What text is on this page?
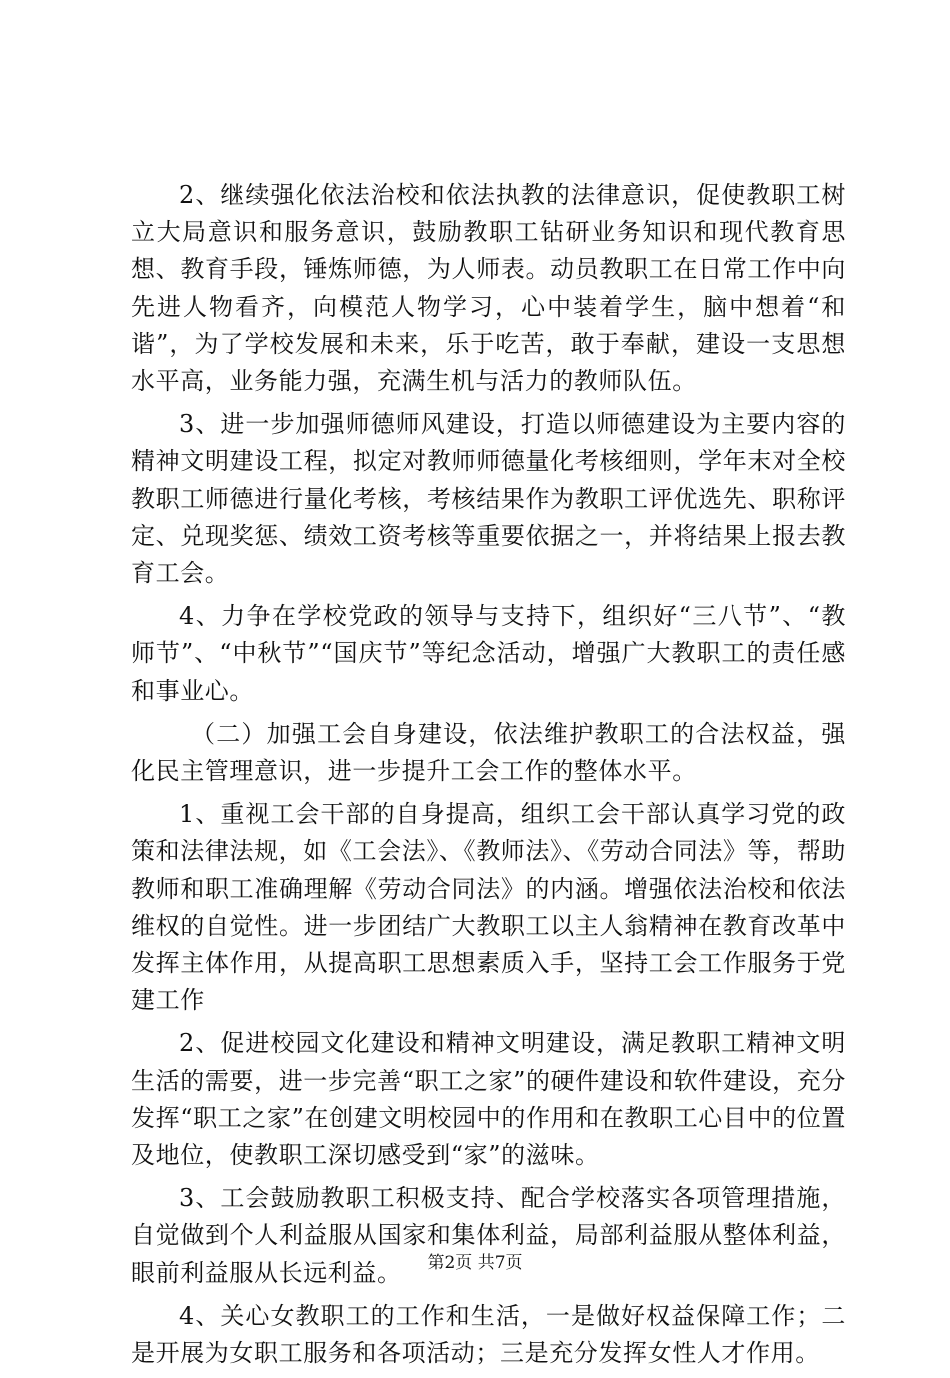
2、继续强化依法治校和依法执教的法律意识，促使教职工树立大局意识和服务意识，鼓励教职工钻研业务知识和现代教育思想、教育手段，锤炼师德，为人师表。动员教职工在日常工作中向先进人物看齐，向模范人物学习，心中装着学生，脑中想着“和谐”，为了学校发展和未来，乐于吃苦，敢于奉献，建设一支思想水平高，业务能力强，充满生机与活力的教师队伍。

3、进一步加强师德师风建设，打造以师德建设为主要内容的精神文明建设工程，拟定对教师师德量化考核细则，学年末对全校教职工师德进行量化考核，考核结果作为教职工评优选先、职称评定、兑现奖惩、绩效工资考核等重要依据之一，并将结果上报去教育工会。

4、力争在学校党政的领导与支持下，组织好“三八节”、“教师节”、“中秋节”“国庆节”等纪念活动，增强广大教职工的责任感和事业心。

（二）加强工会自身建设，依法维护教职工的合法权益，强化民主管理意识，进一步提升工会工作的整体水平。

1、重视工会干部的自身提高，组织工会干部认真学习党的政策和法律法规，如《工会法》、《教师法》、《劳动合同法》等，帮助教师和职工准确理解《劳动合同法》的内涵。增强依法治校和依法维权的自觉性。进一步团结广大教职工以主人翁精神在教育改革中发挥主体作用，从提高职工思想素质入手，坚持工会工作服务于党建工作

2、促进校园文化建设和精神文明建设，满足教职工精神文明生活的需要，进一步完善“职工之家”的硬件建设和软件建设，充分发挥“职工之家”在创建文明校园中的作用和在教职工心目中的位置及地位，使教职工深切感受到“家”的滋味。

3、工会鼓励教职工积极支持、配合学校落实各项管理措施，自觉做到个人利益服从国家和集体利益，局部利益服从整体利益，眼前利益服从长远利益。

4、关心女教职工的工作和生活，一是做好权益保障工作；二是开展为女职工服务和各项活动；三是充分发挥女性人才作用。

第2页 共7页
